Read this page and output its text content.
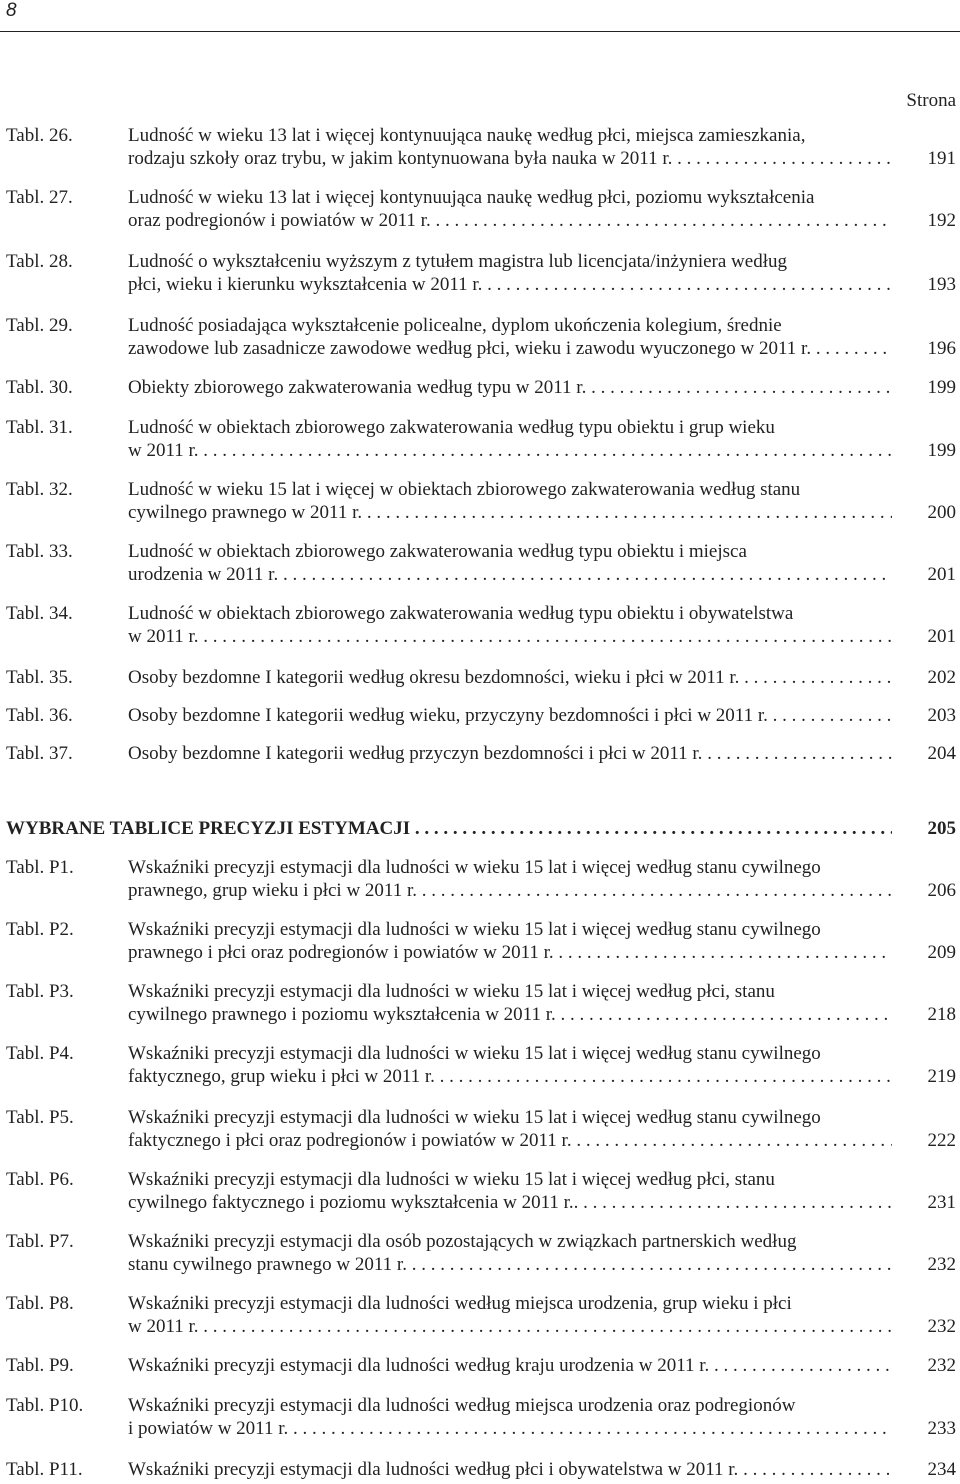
8
Strona
Tabl. 26.	Ludność w wieku 13 lat i więcej kontynuująca naukę według płci, miejsca zamieszkania,
rodzaju szkoły oraz trybu, w jakim kontynuowana była nauka w 2011 r. . . .	191
Tabl. 27.	Ludność w wieku 13 lat i więcej kontynuująca naukę według płci, poziomu wykształcenia
oraz podregionów i powiatów w 2011 r. . . .	192
Tabl. 28.	Ludność o wykształceniu wyższym z tytułem magistra lub licencjata/inżyniera według
płci, wieku i kierunku wykształcenia w 2011 r. . . .	193
Tabl. 29.	Ludność posiadająca wykształcenie policealne, dyplom ukończenia kolegium, średnie
zawodowe lub zasadnicze zawodowe według płci, wieku i zawodu wyuczonego w 2011 r. . . .	196
Tabl. 30.	Obiekty zbiorowego zakwaterowania według typu w 2011 r. . . .	199
Tabl. 31.	Ludność w obiektach zbiorowego zakwaterowania według typu obiektu i grup wieku
w 2011 r. . . .	199
Tabl. 32.	Ludność w wieku 15 lat i więcej w obiektach zbiorowego zakwaterowania według stanu
cywilnego prawnego w 2011 r. . . .	200
Tabl. 33.	Ludność w obiektach zbiorowego zakwaterowania według typu obiektu i miejsca
urodzenia w 2011 r. . . .	201
Tabl. 34.	Ludność w obiektach zbiorowego zakwaterowania według typu obiektu i obywatelstwa
w 2011 r. . . .	201
Tabl. 35.	Osoby bezdomne I kategorii według okresu bezdomności, wieku i płci w 2011 r. . . .	202
Tabl. 36.	Osoby bezdomne I kategorii według wieku, przyczyny bezdomności i płci w 2011 r. . . .	203
Tabl. 37.	Osoby bezdomne I kategorii według przyczyn bezdomności i płci w 2011 r. . . .	204
WYBRANE TABLICE PRECYZJI ESTYMACJI . . .	205
Tabl. P1.	Wskaźniki precyzji estymacji dla ludności w wieku 15 lat i więcej według stanu cywilnego
prawnego, grup wieku i płci w 2011 r. . . .	206
Tabl. P2.	Wskaźniki precyzji estymacji dla ludności w wieku 15 lat i więcej według stanu cywilnego
prawnego i płci oraz podregionów i powiatów w 2011 r. . . .	209
Tabl. P3.	Wskaźniki precyzji estymacji dla ludności w wieku 15 lat i więcej według płci, stanu
cywilnego prawnego i poziomu wykształcenia w 2011 r. . . .	218
Tabl. P4.	Wskaźniki precyzji estymacji dla ludności w wieku 15 lat i więcej według stanu cywilnego
faktycznego, grup wieku i płci w 2011 r. . . .	219
Tabl. P5.	Wskaźniki precyzji estymacji dla ludności w wieku 15 lat i więcej według stanu cywilnego
faktycznego i płci oraz podregionów i powiatów w 2011 r. . . .	222
Tabl. P6.	Wskaźniki precyzji estymacji dla ludności w wieku 15 lat i więcej według płci, stanu
cywilnego faktycznego i poziomu wykształcenia w 2011 r.. . . .	231
Tabl. P7.	Wskaźniki precyzji estymacji dla osób pozostających w związkach partnerskich według
stanu cywilnego prawnego w 2011 r. . . .	232
Tabl. P8.	Wskaźniki precyzji estymacji dla ludności według miejsca urodzenia, grup wieku i płci
w 2011 r. . . .	232
Tabl. P9.	Wskaźniki precyzji estymacji dla ludności według kraju urodzenia w 2011 r. . . .	232
Tabl. P10. Wskaźniki precyzji estymacji dla ludności według miejsca urodzenia oraz podregionów
i powiatów w 2011 r. . . .	233
Tabl. P11. Wskaźniki precyzji estymacji dla ludności według płci i obywatelstwa w 2011 r. . . .	234
